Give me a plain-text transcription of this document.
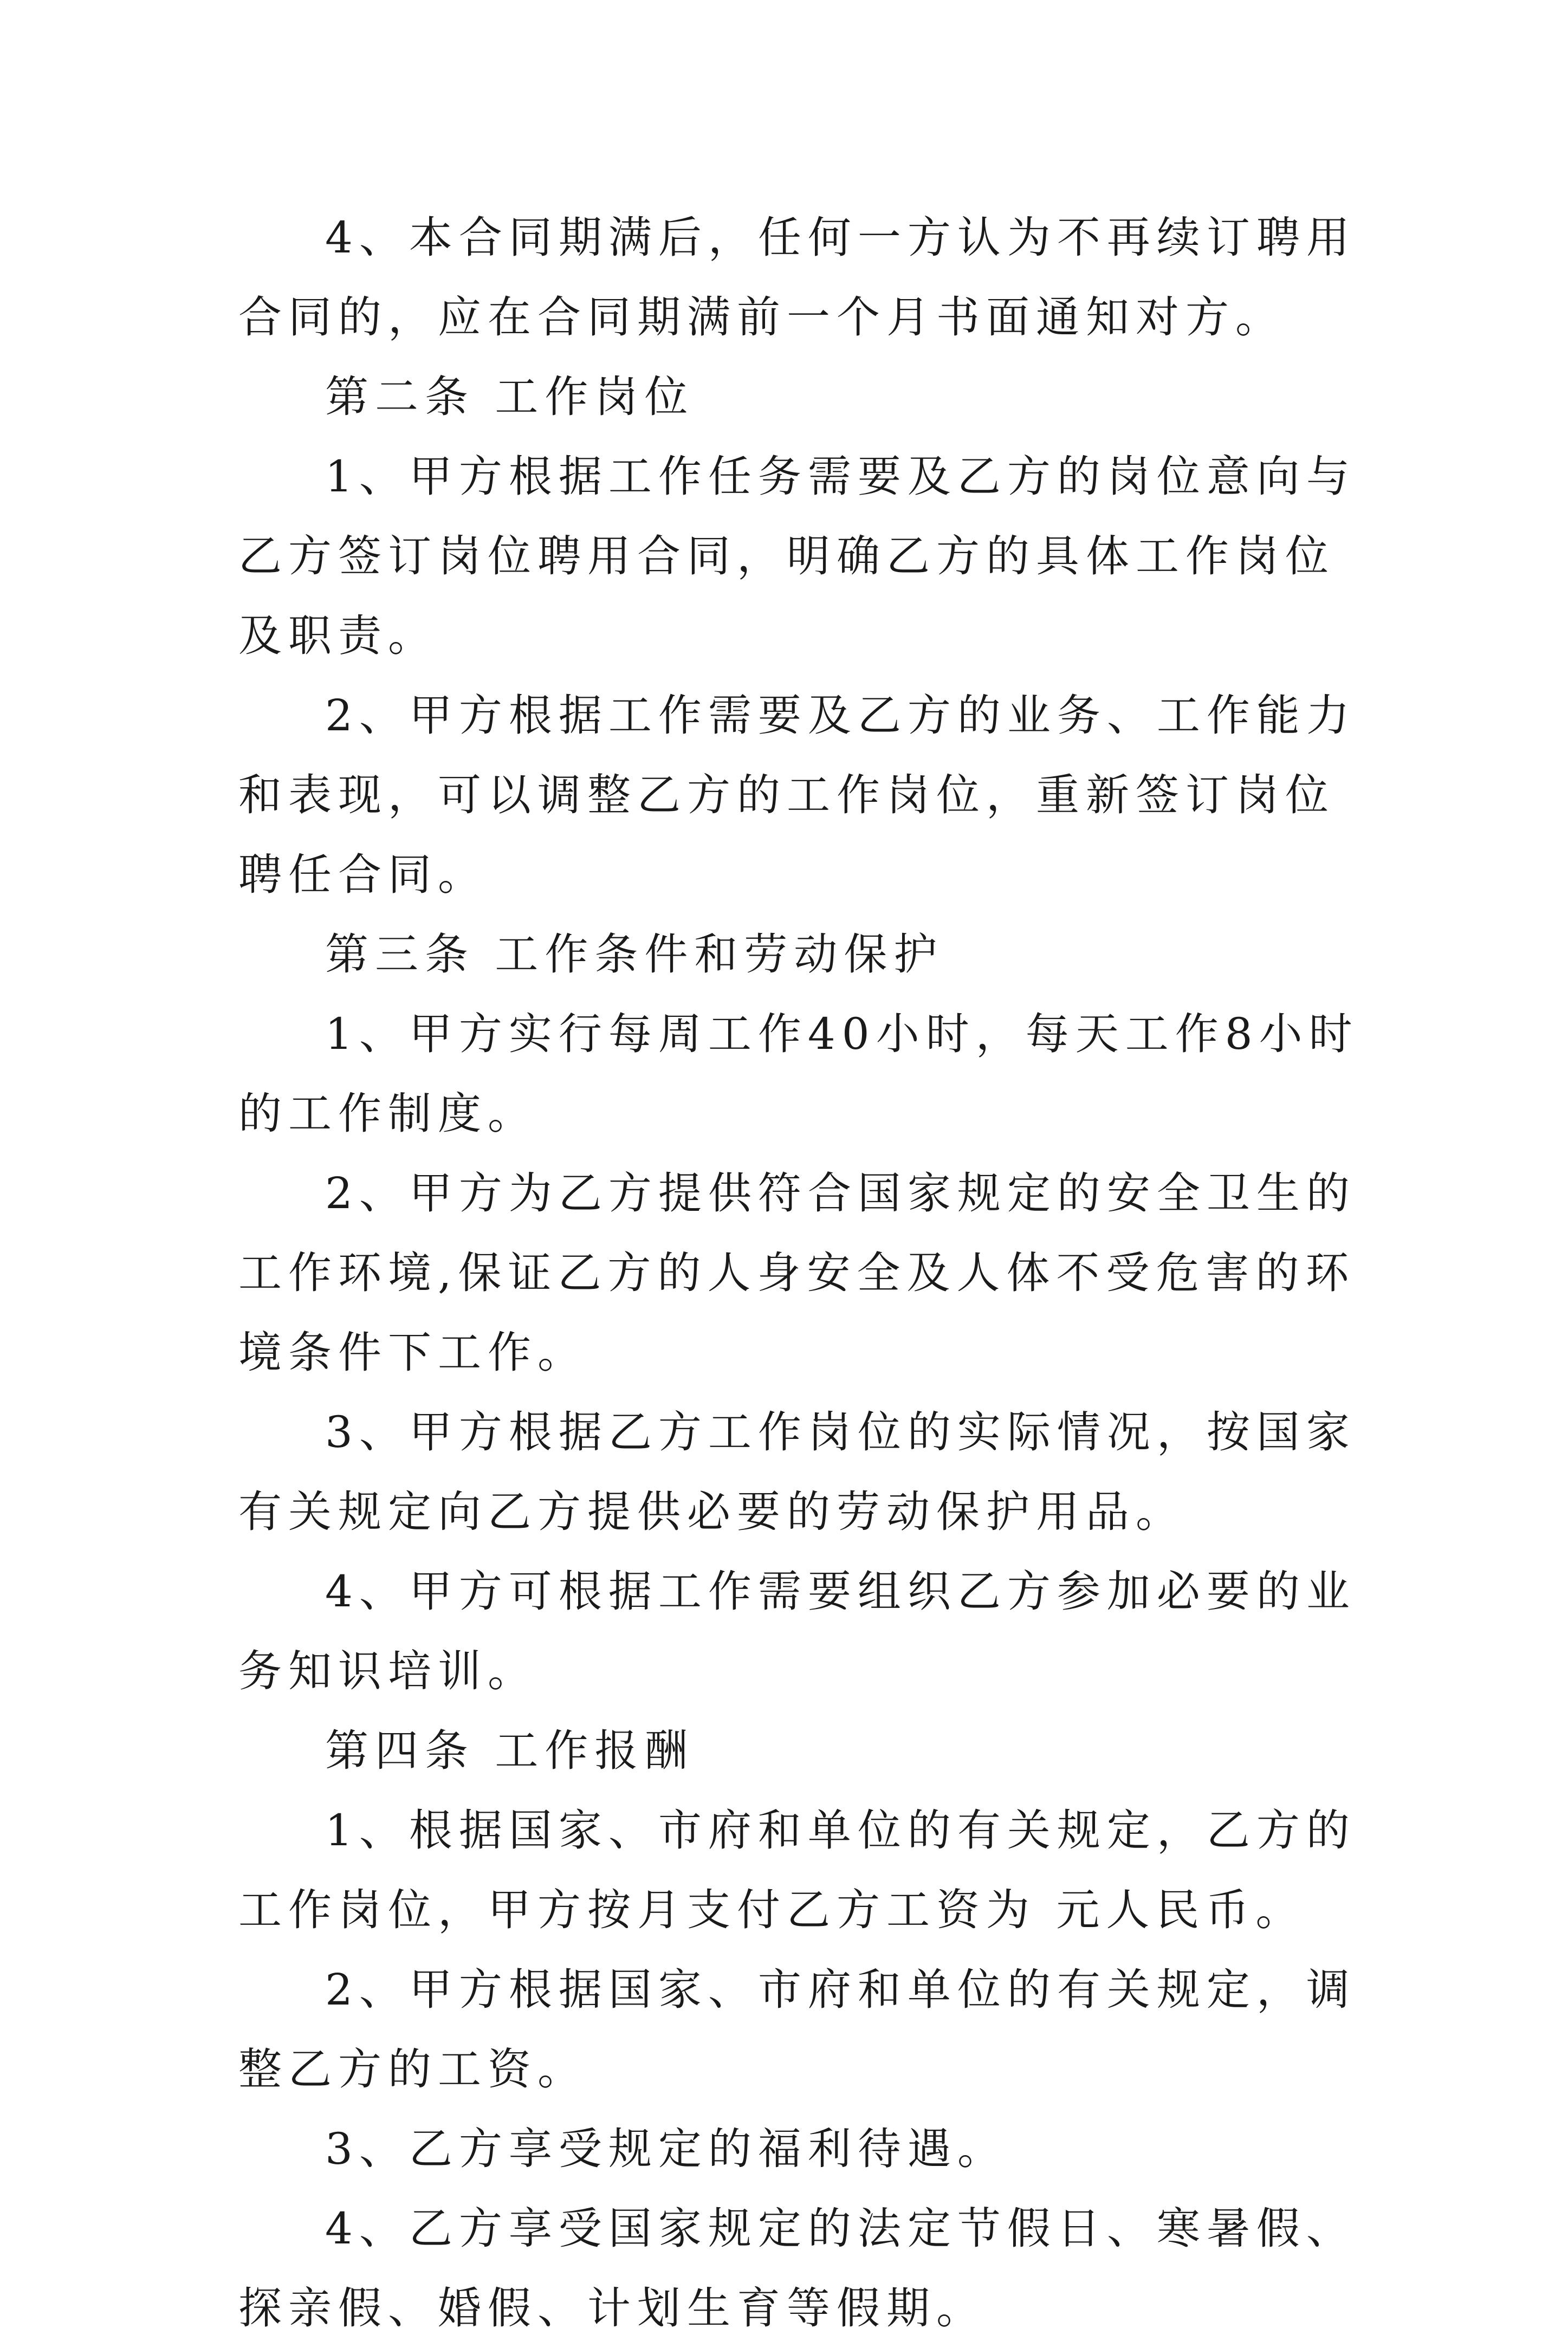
4、本合同期满后，任何一方认为不再续订聘用合同的，应在合同期满前一个月书面通知对方。

第二条 工作岗位

1、甲方根据工作任务需要及乙方的岗位意向与乙方签订岗位聘用合同，明确乙方的具体工作岗位及职责。

2、甲方根据工作需要及乙方的业务、工作能力和表现，可以调整乙方的工作岗位，重新签订岗位聘任合同。

第三条 工作条件和劳动保护

1、甲方实行每周工作40小时，每天工作8小时的工作制度。

2、甲方为乙方提供符合国家规定的安全卫生的工作环境,保证乙方的人身安全及人体不受危害的环境条件下工作。

3、甲方根据乙方工作岗位的实际情况，按国家有关规定向乙方提供必要的劳动保护用品。

4、甲方可根据工作需要组织乙方参加必要的业务知识培训。

第四条 工作报酬

1、根据国家、市府和单位的有关规定，乙方的工作岗位，甲方按月支付乙方工资为 元人民币。

2、甲方根据国家、市府和单位的有关规定，调整乙方的工资。

3、乙方享受规定的福利待遇。

4、乙方享受国家规定的法定节假日、寒暑假、探亲假、婚假、计划生育等假期。
